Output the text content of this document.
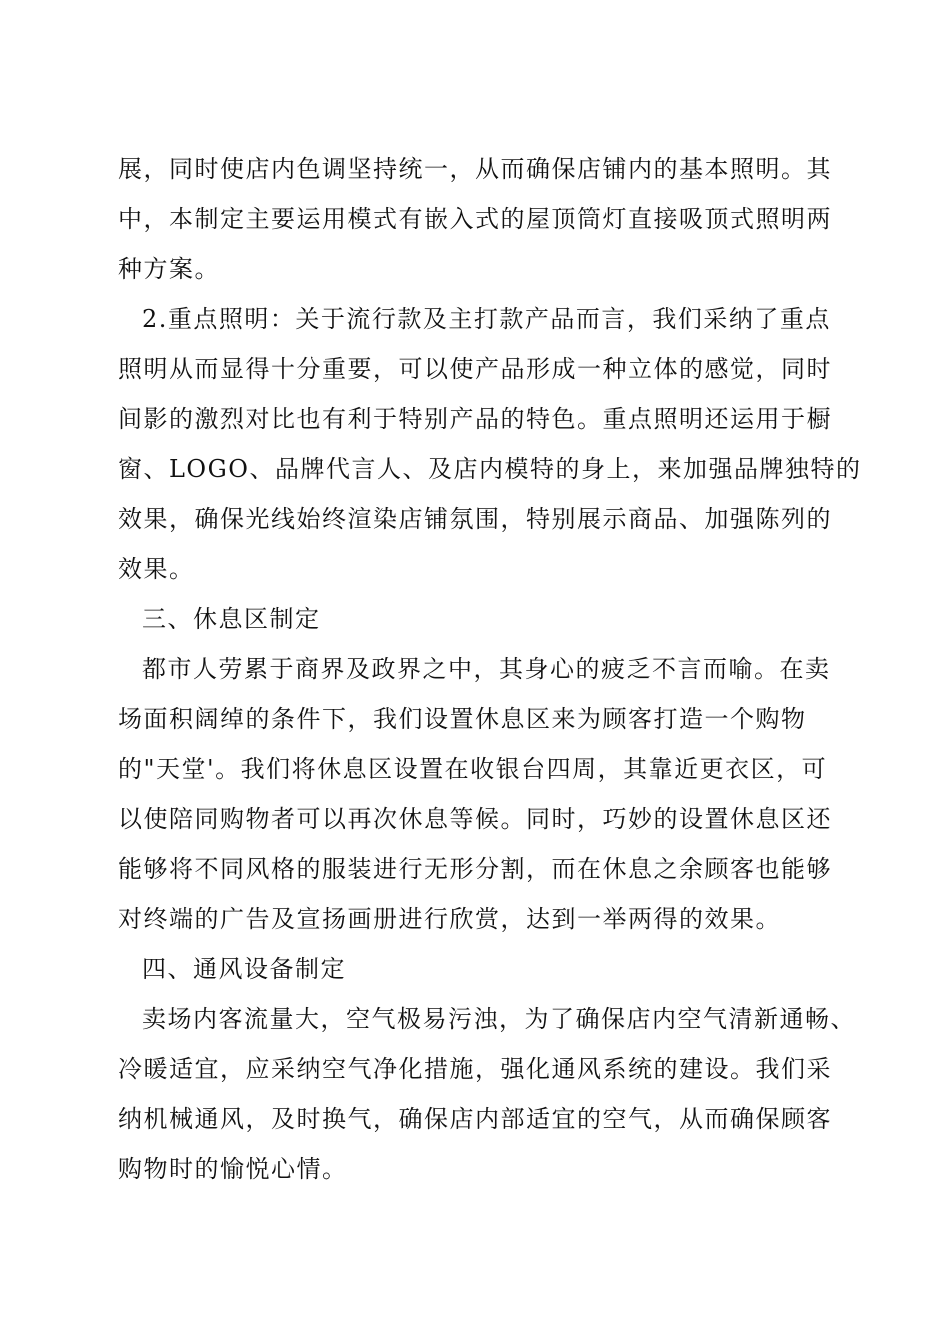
展，同时使店内色调坚持统一，从而确保店铺内的基本照明。其
中，本制定主要运用模式有嵌入式的屋顶筒灯直接吸顶式照明两
种方案。
2.重点照明：关于流行款及主打款产品而言，我们采纳了重点
照明从而显得十分重要，可以使产品形成一种立体的感觉，同时
间影的激烈对比也有利于特别产品的特色。重点照明还运用于橱
窗、LOGO、品牌代言人、及店内模特的身上，来加强品牌独特的
效果，确保光线始终渲染店铺氛围，特别展示商品、加强陈列的
效果。
三、休息区制定
都市人劳累于商界及政界之中，其身心的疲乏不言而喻。在卖
场面积阔绰的条件下，我们设置休息区来为顾客打造一个购物
的"天堂'。我们将休息区设置在收银台四周，其靠近更衣区，可
以使陪同购物者可以再次休息等候。同时，巧妙的设置休息区还
能够将不同风格的服装进行无形分割，而在休息之余顾客也能够
对终端的广告及宣扬画册进行欣赏，达到一举两得的效果。
四、通风设备制定
卖场内客流量大，空气极易污浊，为了确保店内空气清新通畅、
冷暖适宜，应采纳空气净化措施，强化通风系统的建设。我们采
纳机械通风，及时换气，确保店内部适宜的空气，从而确保顾客
购物时的愉悦心情。
